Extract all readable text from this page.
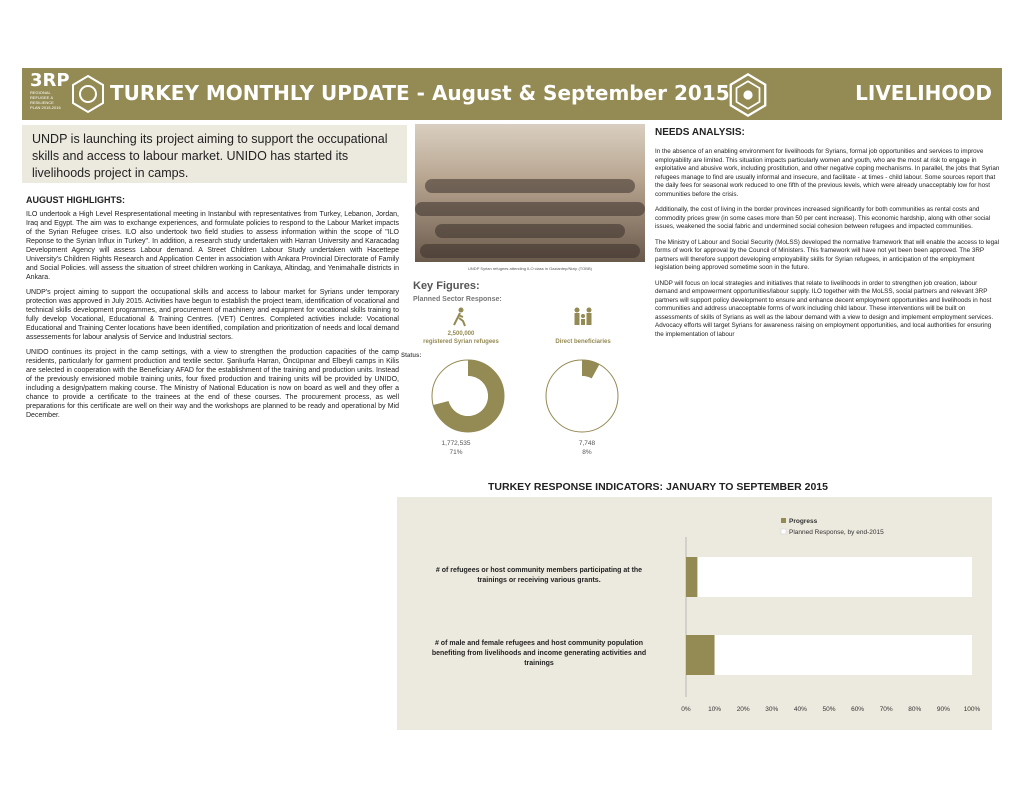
3RP
REGIONAL
REFUGEE &
RESILIENCE
PLAN 2015-2016
TURKEY MONTHLY UPDATE - August & September 2015	LIVELIHOOD
UNDP is launching its project aiming to support the occupational skills and access to labour market. UNIDO has started its livelihoods project in camps.
AUGUST HIGHLIGHTS:

ILO undertook a High Level Respresentational meeting in Instanbul with representatives from Turkey, Lebanon, Jordan, Iraq and Egypt. The aim was to exchange experiences, and formulate policies to respond to the Labour Market impacts of the Syrian Refugee crises. ILO also undertook two field studies to assess information within the scope of "ILO Reponse to the Syrian Influx in Turkey". In addition, a research study undertaken with Harran University and Karacadag Development Agency will assess Labour demand. A Street Children Labour Study undertaken with Hacettepe University's Children Rights Research and Application Center in association with Ankara Provincial Directorate of Family and Social Policies. will assess the situation of street children working in Cankaya, Altindag, and Yenimahalle districts in Ankara.

UNDP's project aiming to support the occupational skills and access to labour market for Syrians under temporary protection was approved in July 2015. Activities have begun to establish the project team, identification of vocational and technical skills development programmes, and procurement of machinery and equipment for vocational skills training to fully develop Vocational, Educational & Training Centres. (VET) Centres. Completed activities include: Vocational Educational and Training Center locations have been identified, compilation and prioritization of needs and local demand assessements for labour analysis of Service and Industrial sectors.

UNIDO continues its project in the camp settings, with a view to strengthen the production capacities of the camp residents, particularly for garment production and textile sector. Şanlıurfa Harran, Öncüpınar and Elbeyli camps in Kilis are selected in cooperation with the Beneficiary AFAD for the establishment of the training and production units. Instead of the previously envisioned mobile training units, four fixed production and training units will be provided by UNIDO, including a design/pattern making course. The Ministry of National Education is now on board as well and they offer a chance to provide a certificate to the trainees at the end of these courses. The procurement process, as well preparations for this certificate are well on their way and the workshops are planned to be ready and operational by Mid December.

UNDP Syrian refugees attending ILO class in Gaziantep/Nizip (TOBB)
Key Figures:
Planned Sector Response:
2,500,000
registered Syrian refugees	Direct beneficiaries
Status:
1,772,535
71%
7,748
8%
NEEDS ANALYSIS:

In the absence of an enabling environment for livelihoods for Syrians, formal job opportunities and services to improve employability are limited. This situation impacts particularly women and youth, who are the most at risk to engage in exploitative and abusive work, including prostitution, and other negative coping mechanisms. In parallel, the jobs that Syrian refugees manage to find are usually informal and insecure, and facilitate - at times - child labour. Some sources report that the daily fees for seasonal work reduced to one fifth of the previous levels, which were already unacceptably low for host communities before the crisis.

Additionally, the cost of living in the border provinces increased significantly for both communities as rental costs and commodity prices grew (in some cases more than 50 per cent increase). This economic hardship, along with other social issues, weakened the social fabric and undermined social cohesion between refugees and impacted communities.

The Ministry of Labour and Social Security (MoLSS) developed the normative framework that will enable the access to legal forms of work for approval by the Council of Ministers. This framework will have not yet been been approved. The 3RP partners will therefore support developing employability skills for Syrian refugees, in anticipation of the employment legislation being approved sometime soon in the future.

UNDP will focus on local strategies and initiatives that relate to livelihoods in order to strengthen job creation, labour demand and empowerment opportunities/labour supply. ILO together with the MoLSS, social partners and relevant 3RP partners will support policy development to ensure and enhance decent employment opportunities and livelihoods in host communities and address unacceptable forms of work including child labour. These interventions will be built on assessments of skills of Syrians as well as the labour demand with a view to design and implement employment services. Advocacy efforts will target Syrians for awareness raising on employment opportunities, and local authorities for ensuring the implementation of labour

TURKEY RESPONSE INDICATORS: JANUARY TO SEPTEMBER 2015
0%	10% 20% 30% 40% 50% 60% 70% 80% 90% 100%
Progress
Planned Response, by end-2015
# of refugees or host community members participating at the trainings or receiving various grants.
# of male and female refugees and host community population benefiting from livelihoods and income generating activities and trainings
